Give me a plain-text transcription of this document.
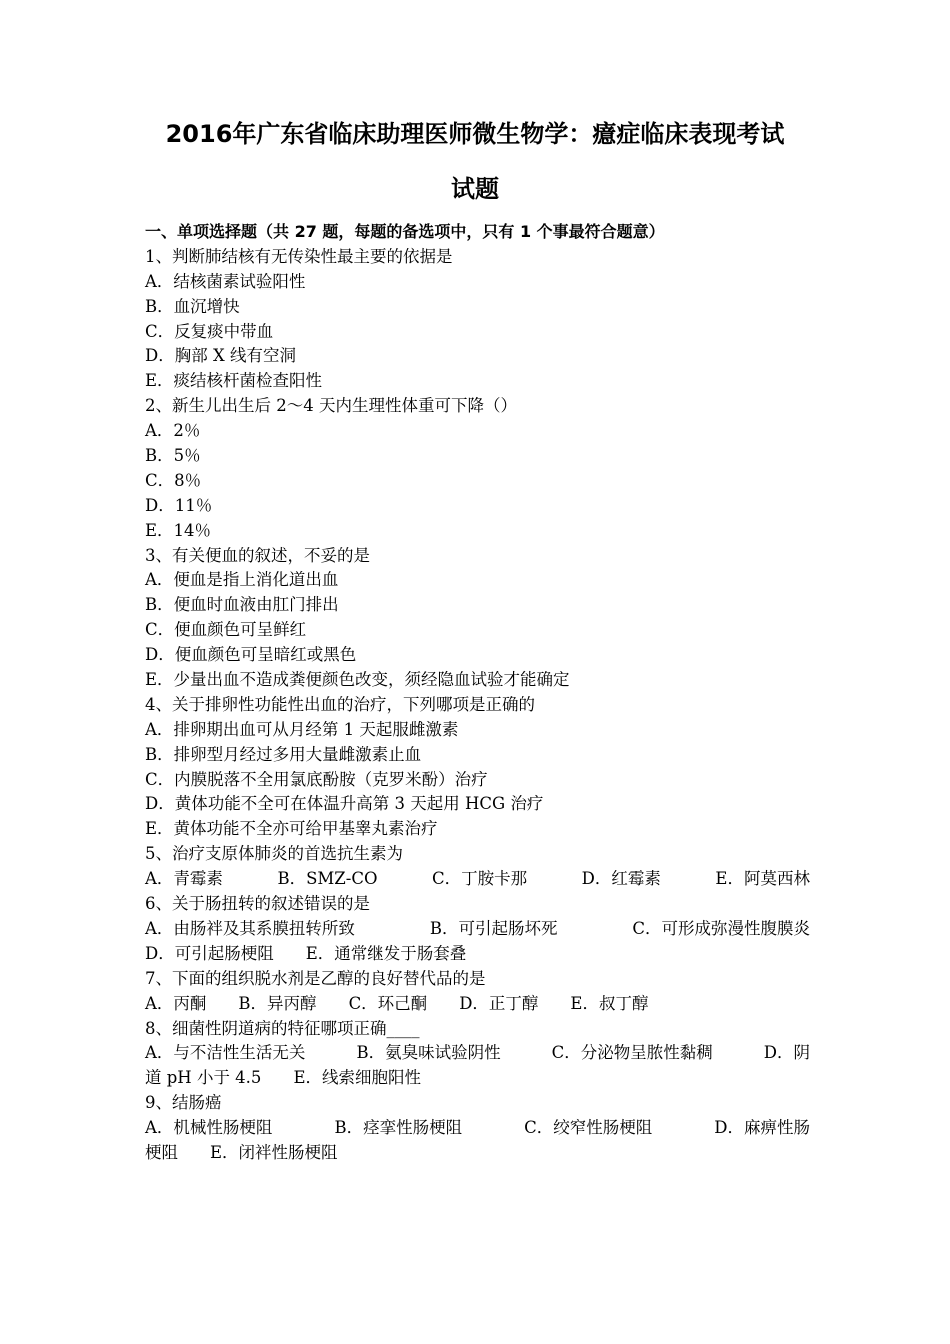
2016年广东省临床助理医师微生物学：癔症临床表现考试
试题
一、单项选择题（共 27 题，每题的备选项中，只有 1 个事最符合题意）
1、判断肺结核有无传染性最主要的依据是
A．结核菌素试验阳性
B．血沉增快
C．反复痰中带血
D．胸部 X 线有空洞
E．痰结核杆菌检查阳性
2、新生儿出生后 2～4 天内生理性体重可下降（）
A．2％
B．5％
C．8％
D．11％
E．14％
3、有关便血的叙述，不妥的是
A．便血是指上消化道出血
B．便血时血液由肛门排出
C．便血颜色可呈鲜红
D．便血颜色可呈暗红或黑色
E．少量出血不造成粪便颜色改变，须经隐血试验才能确定
4、关于排卵性功能性出血的治疗，下列哪项是正确的
A．排卵期出血可从月经第 1 天起服雌激素
B．排卵型月经过多用大量雌激素止血
C．内膜脱落不全用氯底酚胺（克罗米酚）治疗
D．黄体功能不全可在体温升高第 3 天起用 HCG 治疗
E．黄体功能不全亦可给甲基睾丸素治疗
5、治疗支原体肺炎的首选抗生素为
A．青霉素	B．SMZ-CO	C．丁胺卡那	D．红霉素	E．阿莫西林
6、关于肠扭转的叙述错误的是
A．由肠袢及其系膜扭转所致	B．可引起肠坏死	C．可形成弥漫性腹膜炎
D．可引起肠梗阻 E．通常继发于肠套叠
7、下面的组织脱水剂是乙醇的良好替代品的是
A．丙酮 B．异丙醇 C．环己酮 D．正丁醇 E．叔丁醇
8、细菌性阴道病的特征哪项正确____
A．与不洁性生活无关	B．氨臭味试验阴性	C．分泌物呈脓性黏稠	D．阴
道 pH 小于 4.5 E．线索细胞阳性
9、结肠癌
A．机械性肠梗阻	B．痉挛性肠梗阻	C．绞窄性肠梗阻	D．麻痹性肠
梗阻 E．闭袢性肠梗阻
